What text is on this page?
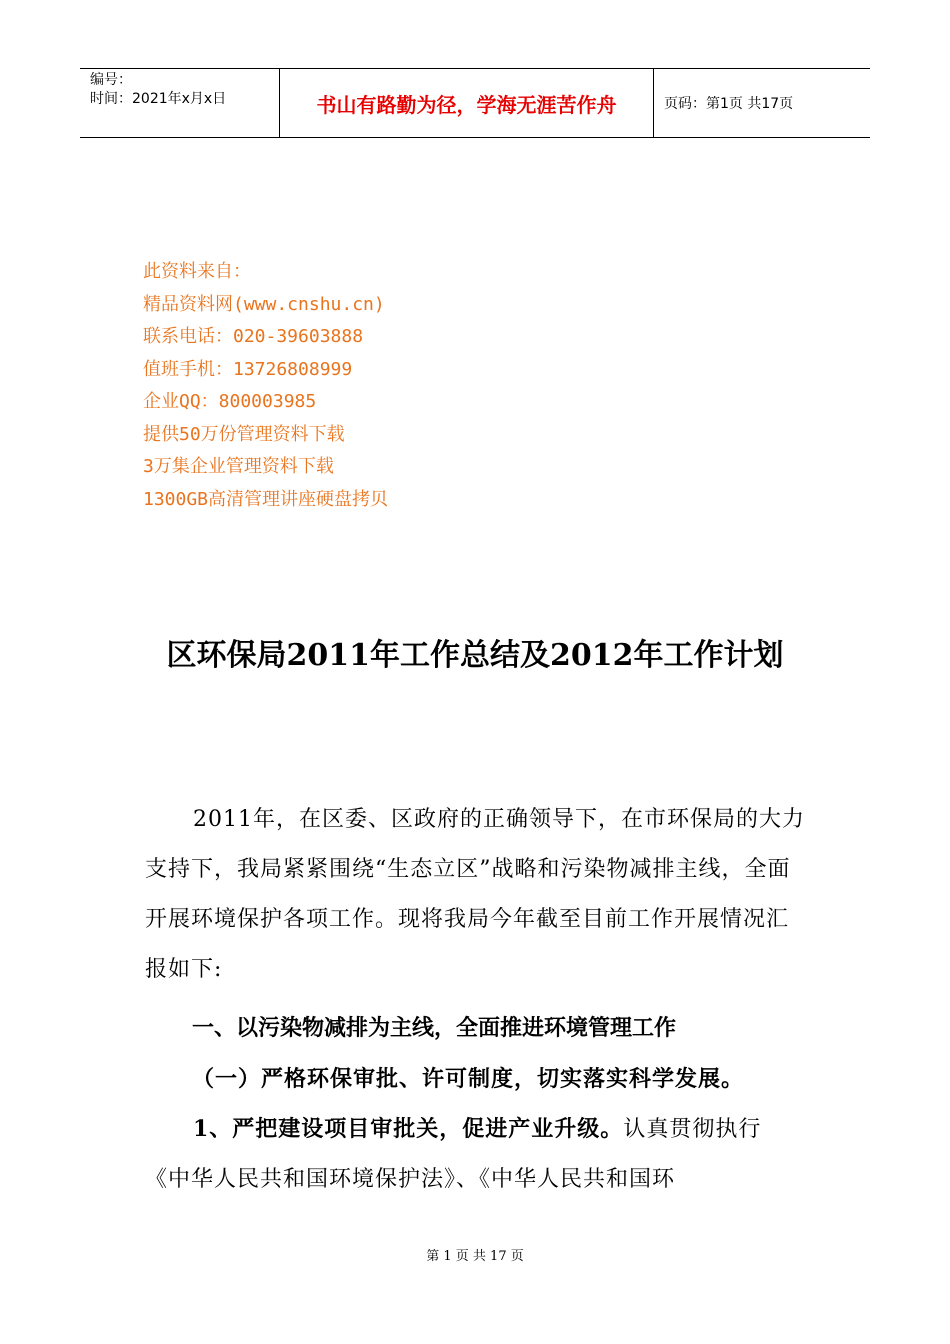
编号：
时间：2021年x月x日	书山有路勤为径，学海无涯苦作舟	页码：第1页 共17页
此资料来自：
精品资料网(www.cnshu.cn)
联系电话：020-39603888
值班手机：13726808999
企业QQ：800003985
提供50万份管理资料下载
3万集企业管理资料下载
1300GB高清管理讲座硬盘拷贝
区环保局2011年工作总结及2012年工作计划
2011年，在区委、区政府的正确领导下，在市环保局的大力支持下，我局紧紧围绕“生态立区”战略和污染物减排主线，全面开展环境保护各项工作。现将我局今年截至目前工作开展情况汇报如下:
一、以污染物减排为主线，全面推进环境管理工作
（一）严格环保审批、许可制度，切实落实科学发展。
1、严把建设项目审批关，促进产业升级。认真贯彻执行《中华人民共和国环境保护法》、《中华人民共和国环
第 1 页 共 17 页
